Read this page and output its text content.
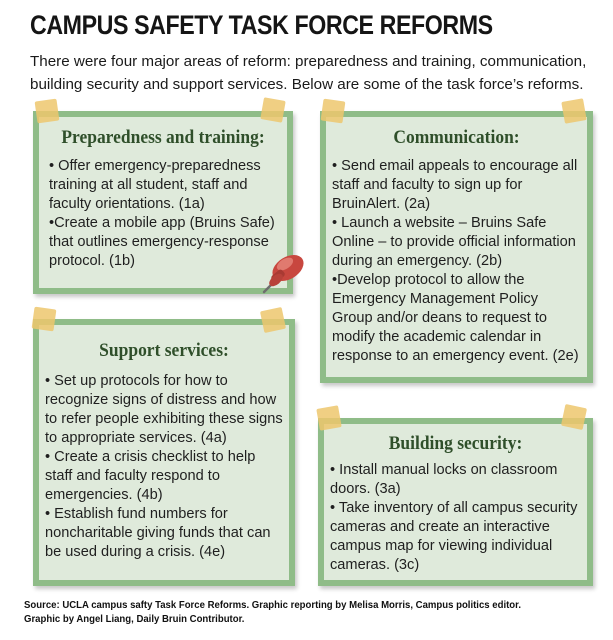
CAMPUS SAFETY TASK FORCE REFORMS
There were four major areas of reform: preparedness and training, communication, building security and support services. Below are some of the task force’s reforms.
Preparedness and training:
• Offer emergency-preparedness training at all student, staff and faculty orientations. (1a)
•Create a mobile app (Bruins Safe) that outlines emergency-response protocol. (1b)
Communication:
• Send email appeals to encourage all staff and faculty to sign up for BruinAlert. (2a)
• Launch a website – Bruins Safe Online – to provide official information during an emergency. (2b)
•Develop protocol to allow the Emergency Management Policy Group and/or deans to request to modify the academic calendar in response to an emergency event. (2e)
Support services:
• Set up protocols for how to recognize signs of distress and how to refer people exhibiting these signs to appropriate services. (4a)
• Create a crisis checklist to help staff and faculty respond to emergencies. (4b)
• Establish fund numbers for noncharitable giving funds that can be used during a crisis. (4e)
Building security:
• Install manual locks on classroom doors. (3a)
• Take inventory of all campus security cameras and create an interactive campus map for viewing individual cameras. (3c)
Source: UCLA campus safty Task Force Reforms. Graphic reporting by Melisa Morris, Campus politics editor. Graphic by Angel Liang, Daily Bruin Contributor.
